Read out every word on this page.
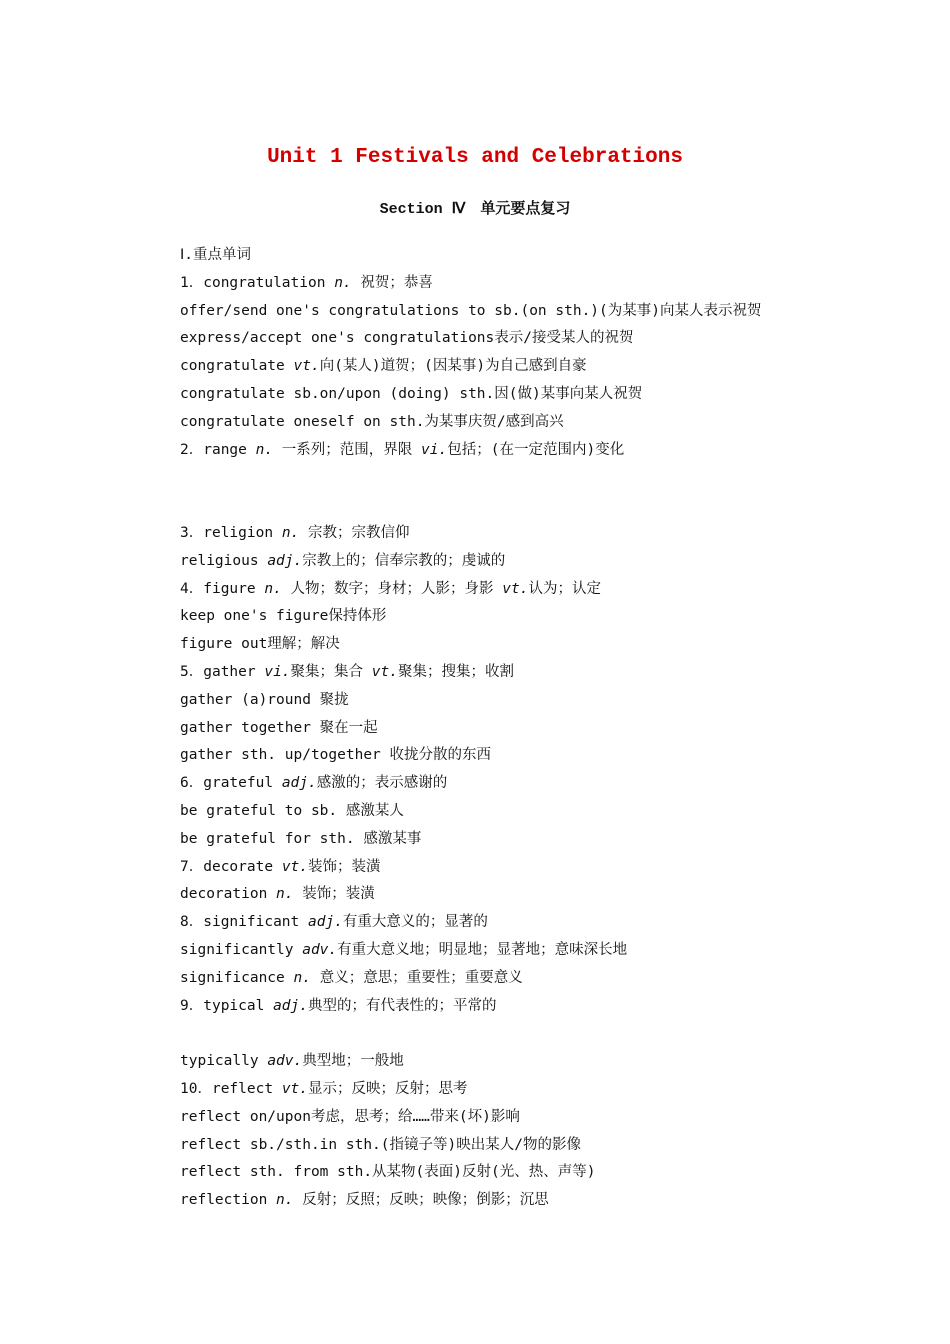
Unit 1 Festivals and Celebrations
Section Ⅳ　单元要点复习
Ⅰ.重点单词
1．congratulation n. 祝贺；恭喜
offer/send one's congratulations to sb.(on sth.)(为某事)向某人表示祝贺
express/accept one's congratulations表示/接受某人的祝贺
congratulate vt.向(某人)道贺；(因某事)为自己感到自豪
congratulate sb.on/upon (doing) sth.因(做)某事向某人祝贺
congratulate oneself on sth.为某事庆贺/感到高兴
2．range n. 一系列；范围，界限 vi.包括；(在一定范围内)变化
3．religion n. 宗教；宗教信仰
religious adj.宗教上的；信奉宗教的；虔诚的
4．figure n. 人物；数字；身材；人影；身影 vt.认为；认定
keep one's figure保持体形
figure out理解；解决
5．gather vi.聚集；集合 vt.聚集；搜集；收割
gather (a)round 聚拢
gather together 聚在一起
gather sth. up/together 收拢分散的东西
6．grateful adj.感激的；表示感谢的
be grateful to sb. 感激某人
be grateful for sth. 感激某事
7．decorate vt.装饰；装潢
decoration n. 装饰；装潢
8．significant adj.有重大意义的；显著的
significantly adv.有重大意义地；明显地；显著地；意味深长地
significance n. 意义；意思；重要性；重要意义
9．typical adj.典型的；有代表性的；平常的
typically adv.典型地；一般地
10．reflect vt.显示；反映；反射；思考
reflect on/upon考虑，思考；给……带来(坏)影响
reflect sb./sth.in sth.(指镜子等)映出某人/物的影像
reflect sth. from sth.从某物(表面)反射(光、热、声等)
reflection n. 反射；反照；反映；映像；倒影；沉思
